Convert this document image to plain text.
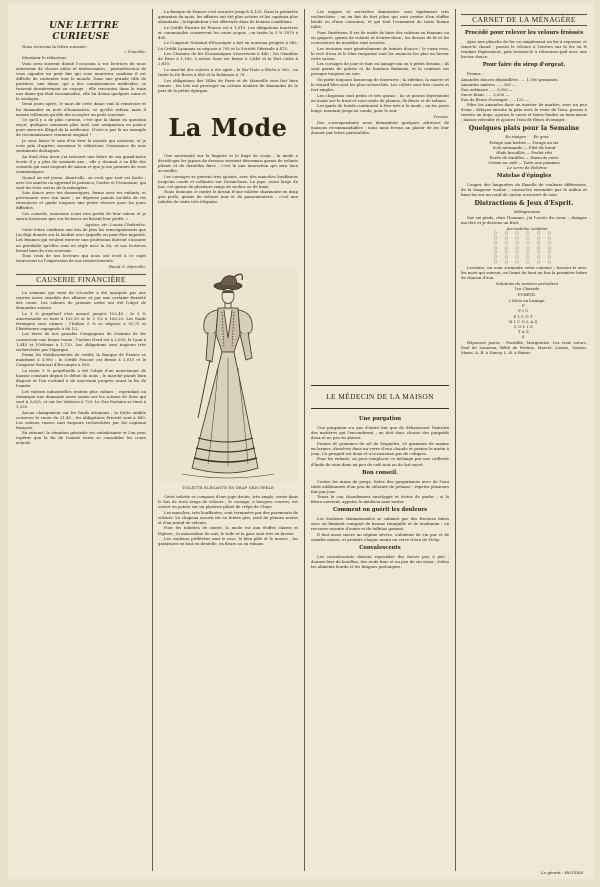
UNE LETTRE CURIEUSE

Nous recevons la lettre suivante :

« Trouville.

Monsieur le rédacteur,

Vous avez souvent donné l'occasion à vos lectrices de nous entretenir de choses utiles et intéressantes ; permettez-moi de vous signaler un petit fait qui vous montrera combien il est difficile de contenter tout le monde. Dans une grande ville de province, une dame, qui a des connaissances médicales, se trouvait dernièrement en voyage ; elle rencontra dans le train une dame qui était incommodée, elle lui donna quelques soins et la soulagea.

Deux jours après, le mari de cette dame vint la remercier et lui demander sa note d'honoraires, ce qu'elle refusa, mais il insista tellement qu'elle dut accepter un petit souvenir.

Ce qu'il y a de plus curieux, c'est que la dame en question reçut, quelques semaines plus tard, une assignation en justice pour exercice illégal de la médecine. N'est-ce pas là un exemple de reconnaissance vraiment original ?

Je vous laisse le soin d'en tirer la morale qui convient, et je vous prie d'agréer, monsieur le rédacteur, l'assurance de mes sentiments distingués.

Au fond d'un tiroir j'ai retrouvé une lettre de ma grand-mère écrite il y a plus de soixante ans ; elle y donnait à sa fille des conseils qui sont toujours de saison et que je me permets de vous communiquer.

Quand on est jeune, disait-elle, on croit que tout est facile ; avec les années on apprend la patience, l'ordre et l'économie, qui sont les trois vertus de la ménagère.

Sois douce avec tes domestiques, ferme avec tes enfants, et prévenante avec ton mari ; ne dépense jamais au-delà de tes ressources et garde toujours une petite réserve pour les jours difficiles.

Ces conseils, monsieur, n'ont rien perdu de leur valeur et je serais heureuse que vos lectrices en fissent leur profit. »

Agréez, etc. Louise Chalandre.

Cette lettre confirme une fois de plus les renseignements que j'ai déjà donnés sur la facilité avec laquelle on peut être inquiété. Les femmes qui veulent exercer une profession doivent s'assurer au préalable qu'elles sont en règle avec la loi, et nos lectrices feront bien de s'en souvenir.

Tous ceux de nos lecteurs qui nous ont écrit à ce sujet trouveront ici l'expression de nos remerciements.

Raoul G. Marcelin.

CAUSERIE FINANCIÈRE

La semaine qui vient de s'écouler a été marquée par une reprise assez sensible des affaires et par une certaine fermeté des cours. Les valeurs de premier ordre ont été l'objet de demandes suivies.

Le 3 % perpétuel s'est avancé jusqu'à 102,45 ; le 3 % amortissable se tient à 102,10 et le 3 1/2 à 106,25. Les fonds étrangers sont calmes ; l'Italien 5 % se négocie à 92,75 et l'Extérieure espagnole à 66 1/2.

Les titres de nos grandes Compagnies de chemins de fer conservent une bonne tenue ; l'action Nord est à 2,020, le Lyon à 1,545 et l'Orléans à 1,720. Les obligations sont toujours très recherchées par l'épargne.

Parmi les établissements de crédit, la Banque de France se maintient à 3,900 ; le Crédit Foncier est ferme à 1,015 et le Comptoir National d'Escompte à 580.

La rente 3 % perpétuelle a été l'objet d'un mouvement de hausse constant depuis le début du mois ; le marché paraît bien disposé et l'on s'attend à de nouveaux progrès avant la fin de l'année.

Les valeurs industrielles restent plus calmes ; cependant on remarque une demande assez suivie sur les actions de Suez qui sont à 3,625, et sur les Voitures à 720. Le Gaz Parisien se tient à 1,330.

Aucun changement sur les fonds ottomans ; la Dette unifiée conserve le cours de 21,40 ; les obligations Priorité sont à 480. Les valeurs russes sont toujours recherchées par les capitaux français.

En résumé, la situation générale est satisfaisante et l'on peut espérer que la fin de l'année verra se consolider les cours actuels.

La Banque de France s'est avancée jusqu'à 4,125. Dans la première quinzaine du mois, les affaires ont été plus actives et les capitaux plus abondants ; la liquidation s'est effectuée dans de bonnes conditions.

Le Crédit Foncier de France est à 1,015. Les obligations foncières et communales conservent les cours acquis ; on traite la 3 % 1879 à 495.

Le Comptoir National d'Escompte a fait un nouveau progrès à 582. Le Crédit Lyonnais se négocie à 795 et la Société Générale à 475.

Les Chemins de fer Économiques s'inscrivent à 440 ; les Omnibus de Paris à 1,180. L'action Suez est ferme à 3,640 et la Part civile à 2,810.

Le marché des cuivres a été agité ; le Rio-Tinto a fléchi à 560 ; on traite la De Beers à 680 et la Robinson à 78.

Les obligations des Villes de Paris et de Marseille sont fort bien tenues ; les lots ont provoqué un certain nombre de demandes de la part de la petite épargne.

La Mode

Une nouveauté sur la lingerie et le linge de corps : la mode a décidé que les jupons de dessous seraient désormais garnis de volants plissés et de dentelles fines ; c'est là une innovation qui sera bien accueillie.

Les corsages se portent très ajustés, avec des manches bouffantes jusqu'au coude et collantes sur l'avant-bras. La jupe, assez large du bas, est garnie de plusieurs rangs de ruches ou de biais.

Nous donnons ci-contre le dessin d'une toilette charmante en drap gris perle, garnie de velours noir et de passementerie ; c'est une toilette de visite très élégante.

TOILETTE ÉLÉGANTE EN DRAP GRIS PERLE

Cette toilette se compose d'une jupe droite, très ample, ornée dans le bas de trois rangs de velours ; le corsage, à basques courtes, est ouvert en pointe sur un plastron plissé de crêpe de Chine.

Les manches, très bouffantes, sont terminées par des parements de velours. Le chapeau assorti est en feutre gris, orné de plumes noires et d'un nœud de velours.

Pour les toilettes de soirée, la mode est aux étoffes claires et légères ; la mousseline de soie, le tulle et la gaze sont très en faveur.

Les couleurs préférées sont le rose, le bleu pâle et le mauve ; les garnitures se font en dentelle, en fleurs ou en rubans.

Les nappes et serviettes damassées sont également très recherchées ; on en fait de fort jolies qui sont ornées d'un chiffre brodé ou d'une couronne, et qui font l'ornement de toute bonne table.

Pour l'intérieur, il est de mode de faire des rideaux en étamine ou en guipure, garnis de volants et d'entre-deux ; les dessus de lit et les couvertures de meubles sont assortis.

Les tentures sont généralement de teintes douces ; le vieux rose, le vert d'eau et le bleu turquoise sont les nuances les plus en faveur cette saison.

Les corsages de jour se font en lainage uni ou à petits dessins ; ils sont garnis de galons et de boutons fantaisie, et la ceinture est presque toujours en soie.

On porte toujours beaucoup de fourrures ; la zibeline, la martre et le renard bleu sont les plus recherchés. Les collets sont très courts et fort amples.

Les chapeaux sont petits et très garnis ; ils se posent légèrement en avant sur le front et sont ornés de plumes, de fleurs et de rubans.

Les gants de Suède continuent à être très à la mode ; on les porte longs, montant jusqu'au coude, pour le soir.

Yvonne.

Des correspondants nous demandent quelques adresses de maisons recommandables ; nous nous ferons un plaisir de les leur donner par lettre particulière.

LE MÉDECIN DE LA MAISON
Une purgation

Une purgation n'a pas d'autre but que de débarrasser l'intestin des matières qui l'encombrent ; on doit donc choisir des purgatifs doux et ne pas en abuser.

Prenez 60 grammes de sel de Seignette, 20 grammes de manne en larmes, dissolvez dans un verre d'eau chaude et prenez le matin à jeun. Ce purgatif est doux et n'occasionne pas de coliques.

Pour les enfants, on peut remplacer ce mélange par une cuillerée d'huile de ricin dans un peu de café noir ou de lait sucré.

Bon conseil.

Contre les maux de gorge, faites des gargarismes avec de l'eau tiède additionnée d'un peu de chlorate de potasse ; répétez plusieurs fois par jour.

Tenez le cou chaudement enveloppé et évitez de parler ; si la fièvre survient, appelez le médecin sans tarder.

Comment on guérit les douleurs

Les douleurs rhumatismales se calment par des frictions faites avec un liniment composé de baume tranquille et de laudanum ; on recouvre ensuite d'ouate et de taffetas gommé.

Il faut aussi suivre un régime sévère, s'abstenir de vin pur et de viandes noires, et prendre chaque matin un verre d'eau de Vichy.

Convalescents

Les convalescents doivent reprendre des forces peu à peu ; donnez-leur du bouillon, des œufs frais et un peu de vin vieux ; évitez les aliments lourds et les fatigues prolongées.

CARNET DE LA MÉNAGÈRE
Procédé pour relever les velours froissés

Ayez une planche de fer ou simplement un fer à repasser, et tenez-le chaud ; passez le velours à l'envers sur le fer en le tendant légèrement, puis brossez-le à rebrousse-poil avec une brosse douce.

Pour faire du sirop d'orgeat.

Prenez :

Amandes douces dépouillées ..... 1,000 grammes.

Amandes amères ..... 300 —

Eau ordinaire ..... 3,000 —

Sucre blanc ..... 3,000 —

Eau de fleurs d'oranger ..... 125 —

Pilez les amandes dans un mortier de marbre, avec un peu d'eau ; délayez ensuite la pâte avec le reste de l'eau, passez à travers un linge, ajoutez le sucre et faites fondre au bain-marie ; laissez refroidir et ajoutez l'eau de fleurs d'oranger.

Quelques plats pour la Semaine

En maigre En gras

Potage aux herbes — Potage au riz

Sole normande — Filet de bœuf

Œufs brouillés — Poulet rôti

Purée de lentilles — Haricots verts

Crème au café — Tarte aux pommes

Le verre de Bohême

Matelas d'épingles

Coupez des languettes de flanelle de couleurs différentes, de la longueur voulue ; cousez-les ensemble par le milieu et fixez-les sur un rond de carton recouvert de soie.

Distractions & Jeux d'Esprit.

Métagramme

Sur six pieds, chez l'homme, j'ai l'accès du cœur ; changez ma tête et je deviens un fruit.

Accrostiche combiné

○ ○ ○ ○ ○ ○
○ ○ ○ ○ ○ ○
○ ○ ○ ○ ○ ○
○ ○ ○ ○ ○ ○
○ ○ ○ ○ ○ ○
○ ○ ○ ○ ○ ○
○ ○ ○ ○ ○ ○

Lecteurs, un nom surmonte cette colonne ; trouvez-le avec les mots qui suivent, en lisant de haut en bas la première lettre de chacun d'eux.

Solutions du numéro précédent

1re Charade

PURETÉ.

2 Mots en losange.

P
PIC
PICOT
NICOLAS
COLIS
TAS
S

Réponses justes : Pacotille, Marguerite, Les trois sœurs, Paul de Lanneau, Bébé de Pertuis, Marcel, Louise, Gaston, Marie, A. R. à Nancy, L. B. à Reims.

Le gérant : HOUDIN.
